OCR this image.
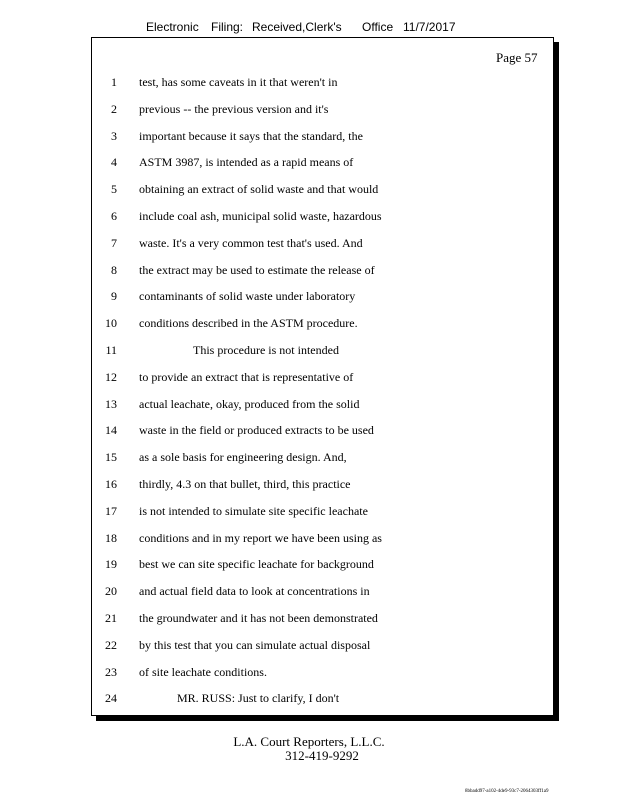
Electronic Filing: Received,Clerk's Office 11/7/2017
Page 57
1 test, has some caveats in it that weren't in
2 previous -- the previous version and it's
3 important because it says that the standard, the
4 ASTM 3987, is intended as a rapid means of
5 obtaining an extract of solid waste and that would
6 include coal ash, municipal solid waste, hazardous
7 waste. It's a very common test that's used. And
8 the extract may be used to estimate the release of
9 contaminants of solid waste under laboratory
10 conditions described in the ASTM procedure.
11	This procedure is not intended
12 to provide an extract that is representative of
13 actual leachate, okay, produced from the solid
14 waste in the field or produced extracts to be used
15 as a sole basis for engineering design. And,
16 thirdly, 4.3 on that bullet, third, this practice
17 is not intended to simulate site specific leachate
18 conditions and in my report we have been using as
19 best we can site specific leachate for background
20 and actual field data to look at concentrations in
21 the groundwater and it has not been demonstrated
22 by this test that you can simulate actual disposal
23 of site leachate conditions.
24	MR. RUSS: Just to clarify, I don't
L.A. Court Reporters, L.L.C.
312-419-9292
8bbadd97-a102-4de9-93c7-2064303ff1a9
